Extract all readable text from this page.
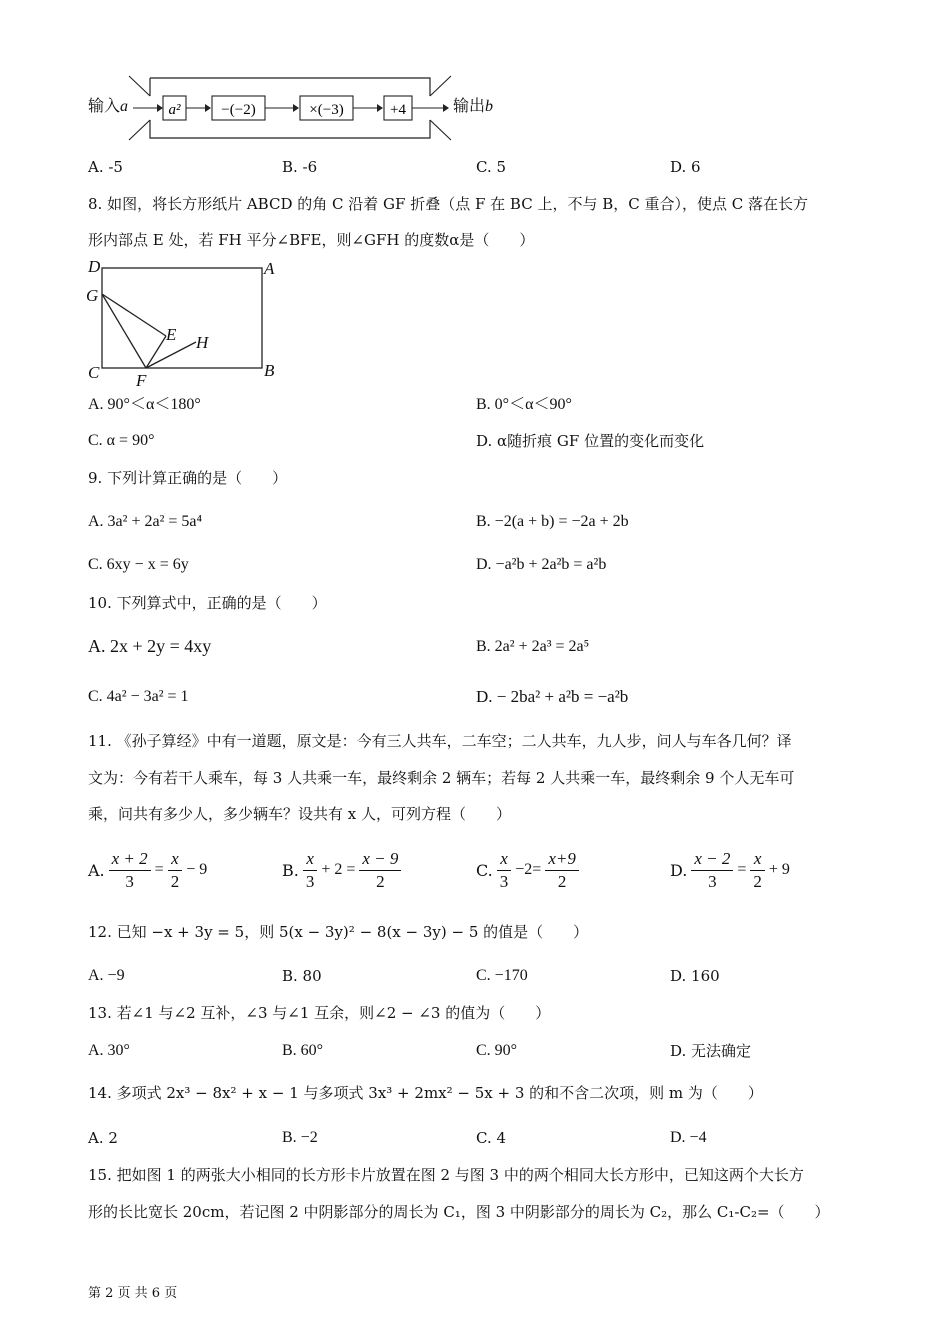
输入a	a²	−(−2)	×(−3)	+4	输出b
A. -5	B. -6	C. 5	D. 6
8. 如图，将长方形纸片 ABCD 的角 C 沿着 GF 折叠（点 F 在 BC 上，不与 B，C 重合），使点 C 落在长方
形内部点 E 处，若 FH 平分∠BFE，则∠GFH 的度数α是（　　）
D	A
G
E H
C F
B
A. 90°＜α＜180°	B. 0°＜α＜90°
C. α = 90°	D. α随折痕 GF 位置的变化而变化
9. 下列计算正确的是（　　）
A. 3a² + 2a² = 5a⁴	B. −2(a + b) = −2a + 2b
C. 6xy − x = 6y	D. −a²b + 2a²b = a²b
10. 下列算式中，正确的是（　　）
A. 2x + 2y = 4xy	B. 2a² + 2a³ = 2a⁵
C. 4a² − 3a² = 1	D. − 2ba² + a²b = −a²b
11. 《孙子算经》中有一道题，原文是：今有三人共车，二车空；二人共车，九人步，问人与车各几何？译
文为：今有若干人乘车，每 3 人共乘一车，最终剩余 2 辆车；若每 2 人共乘一车，最终剩余 9 个人无车可
乘，问共有多少人，多少辆车？设共有 x 人，可列方程（　　）
A. $\frac{x + 2}{3} = \frac{x}{2} - 9$	B. $\frac{x}{3} + 2 = \frac{x - 9}{2}$	C. $\frac{x}{3} -2= \frac{x+9}{2}$	D. $\frac{x - 2}{3} = \frac{x}{2} + 9$
12. 已知 −x + 3y = 5，则 5(x − 3y)² − 8(x − 3y) − 5 的值是（　　）
A. −9	B. 80	C. −170	D. 160
13. 若∠1 与∠2 互补，∠3 与∠1 互余，则∠2 − ∠3 的值为（　　）
A. 30°	B. 60°	C. 90°	D. 无法确定
14. 多项式 2x³ − 8x² + x − 1 与多项式 3x³ + 2mx² − 5x + 3 的和不含二次项，则 m 为（　　）
A. 2	B. −2	C. 4	D. −4
15. 把如图 1 的两张大小相同的长方形卡片放置在图 2 与图 3 中的两个相同大长方形中，已知这两个大长方
形的长比宽长 20cm，若记图 2 中阴影部分的周长为 C₁，图 3 中阴影部分的周长为 C₂，那么 C₁-C₂=（　　）
第 2 页 共 6 页
